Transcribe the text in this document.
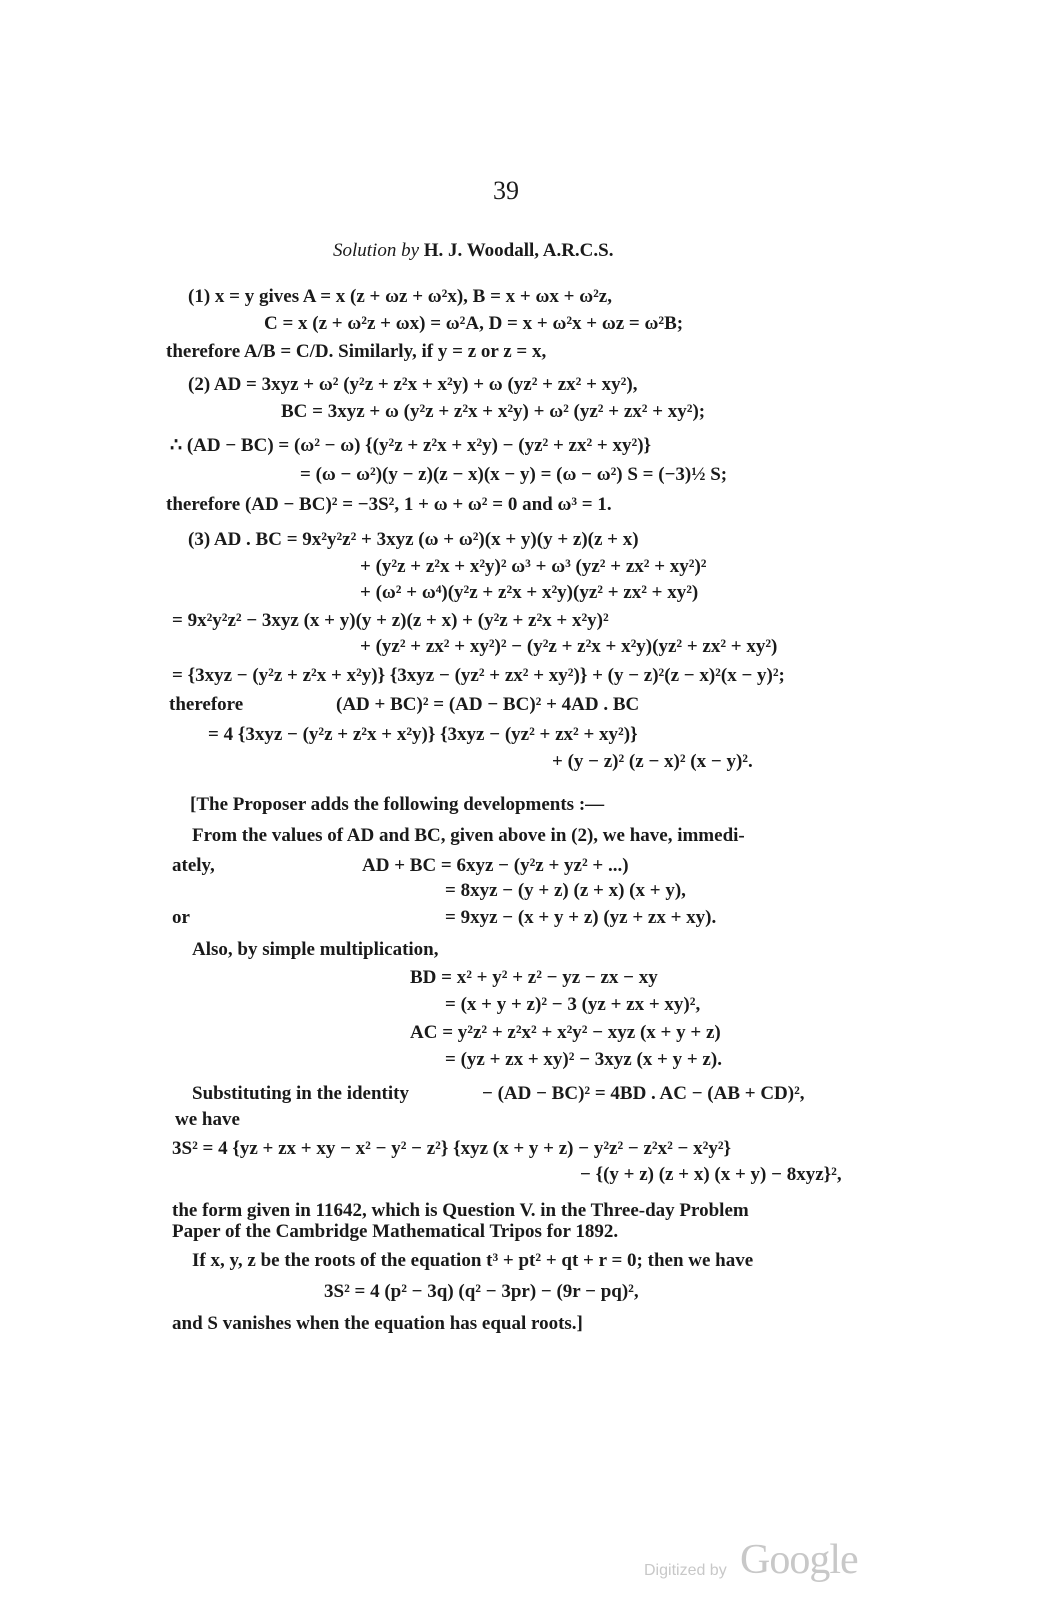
39
Solution by H. J. Woodall, A.R.C.S.
(1) x = y gives A = x (z + ωz + ω²x), B = x + ωx + ω²z,
C = x (z + ω²z + ωx) = ω²A, D = x + ω²x + ωz = ω²B;
therefore A/B = C/D. Similarly, if y = z or z = x,
(2) AD = 3xyz + ω² (y²z + z²x + x²y) + ω (yz² + zx² + xy²),
BC = 3xyz + ω (y²z + z²x + x²y) + ω² (yz² + zx² + xy²);
∴ (AD − BC) = (ω² − ω) {(y²z + z²x + x²y) − (yz² + zx² + xy²)}
= (ω − ω²)(y − z)(z − x)(x − y) = (ω − ω²) S = (−3)½ S;
therefore (AD − BC)² = −3S², 1 + ω + ω² = 0 and ω³ = 1.
(3) AD . BC = 9x²y²z² + 3xyz (ω + ω²)(x + y)(y + z)(z + x)
+ (y²z + z²x + x²y)² ω³ + ω³ (yz² + zx² + xy²)²
+ (ω² + ω⁴)(y²z + z²x + x²y)(yz² + zx² + xy²)
= 9x²y²z² − 3xyz (x + y)(y + z)(z + x) + (y²z + z²x + x²y)²
+ (yz² + zx² + xy²)² − (y²z + z²x + x²y)(yz² + zx² + xy²)
= {3xyz − (y²z + z²x + x²y)} {3xyz − (yz² + zx² + xy²)} + (y − z)²(z − x)²(x − y)²;
therefore	(AD + BC)² = (AD − BC)² + 4AD . BC
= 4 {3xyz − (y²z + z²x + x²y)} {3xyz − (yz² + zx² + xy²)}
+ (y − z)² (z − x)² (x − y)².
[The Proposer adds the following developments :—
From the values of AD and BC, given above in (2), we have, immedi-
ately,	AD + BC = 6xyz − (y²z + yz² + ...)
= 8xyz − (y + z) (z + x) (x + y),
or	= 9xyz − (x + y + z) (yz + zx + xy).
Also, by simple multiplication,
BD = x² + y² + z² − yz − zx − xy
= (x + y + z)² − 3 (yz + zx + xy)²,
AC = y²z² + z²x² + x²y² − xyz (x + y + z)
= (yz + zx + xy)² − 3xyz (x + y + z).
Substituting in the identity	− (AD − BC)² = 4BD . AC − (AB + CD)²,
we have
3S² = 4 {yz + zx + xy − x² − y² − z²} {xyz (x + y + z) − y²z² − z²x² − x²y²}
− {(y + z) (z + x) (x + y) − 8xyz}²,
the form given in 11642, which is Question V. in the Three-day Problem
Paper of the Cambridge Mathematical Tripos for 1892.
If x, y, z be the roots of the equation t³ + pt² + qt + r = 0; then we have
3S² = 4 (p² − 3q) (q² − 3pr) − (9r − pq)²,
and S vanishes when the equation has equal roots.]
Digitized by Google
